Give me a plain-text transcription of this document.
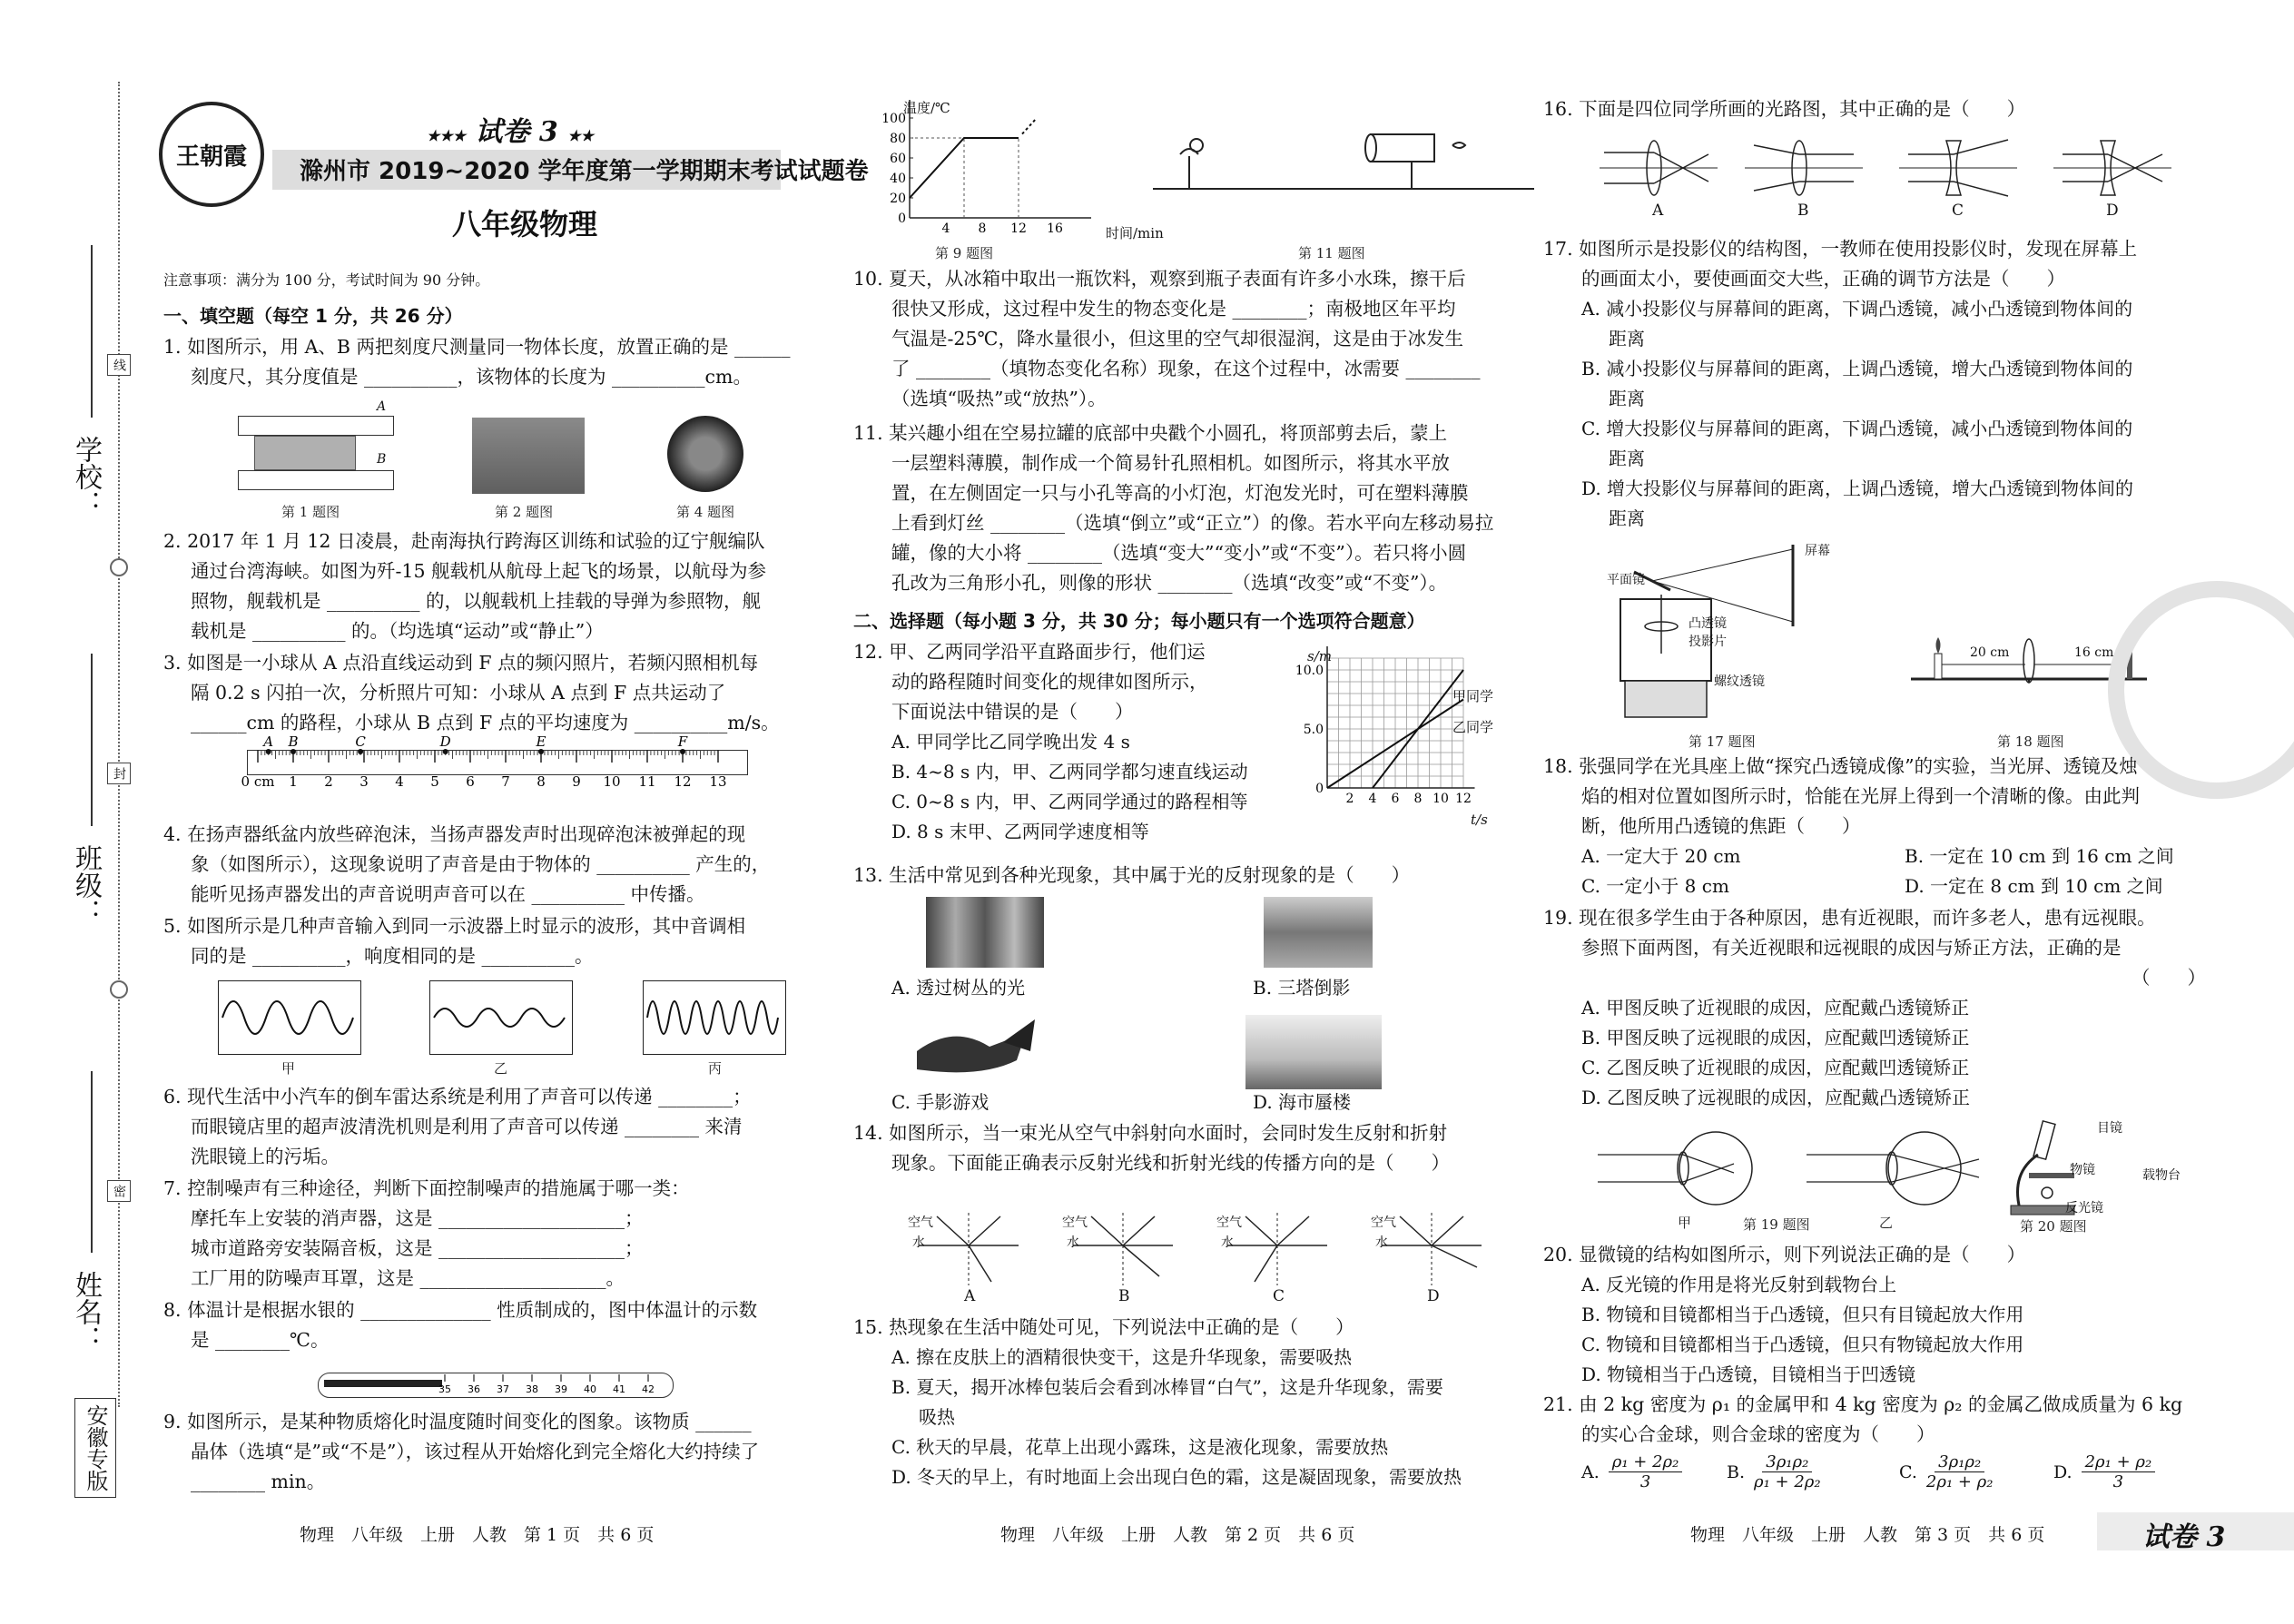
线
封
密
学校：
班级：
姓名：
安徽专版
王朝霞
★★★ 试卷 3 ★★
滁州市 2019~2020 学年度第一学期期末考试试题卷
八年级物理
注意事项：满分为 100 分，考试时间为 90 分钟。
一、填空题（每空 1 分，共 26 分）
1. 如图所示，用 A、B 两把刻度尺测量同一物体长度，放置正确的是 ______
刻度尺，其分度值是 __________，该物体的长度为 __________cm。
A
B
第 1 题图	第 2 题图	第 4 题图
2. 2017 年 1 月 12 日凌晨，赴南海执行跨海区训练和试验的辽宁舰编队
通过台湾海峡。如图为歼-15 舰载机从航母上起飞的场景，以航母为参
照物，舰载机是 __________ 的，以舰载机上挂载的导弹为参照物，舰
载机是 __________ 的。（均选填“运动”或“静止”）
3. 如图是一小球从 A 点沿直线运动到 F 点的频闪照片，若频闪照相机每
隔 0.2 s 闪拍一次，分析照片可知：小球从 A 点到 F 点共运动了
______cm 的路程，小球从 B 点到 F 点的平均速度为 __________m/s。
0 cm 1 2 3 4 5 6 7 8 9 10 11 12 13
A B	C	D	E	F
4. 在扬声器纸盆内放些碎泡沫，当扬声器发声时出现碎泡沫被弹起的现
象（如图所示），这现象说明了声音是由于物体的 __________ 产生的，
能听见扬声器发出的声音说明声音可以在 __________ 中传播。
5. 如图所示是几种声音输入到同一示波器上时显示的波形，其中音调相
同的是 __________，响度相同的是 __________。
甲	乙	丙
6. 现代生活中小汽车的倒车雷达系统是利用了声音可以传递 ________；
而眼镜店里的超声波清洗机则是利用了声音可以传递 ________ 来清
洗眼镜上的污垢。
7. 控制噪声有三种途径，判断下面控制噪声的措施属于哪一类：
摩托车上安装的消声器，这是 ____________________；
城市道路旁安装隔音板，这是 ____________________；
工厂用的防噪声耳罩，这是 ____________________。
8. 体温计是根据水银的 ______________ 性质制成的，图中体温计的示数
是 ________℃。
35 36 37 38 39 40 41 42
9. 如图所示，是某种物质熔化时温度随时间变化的图象。该物质 ______
晶体（选填“是”或“不是”），该过程从开始熔化到完全熔化大约持续了
________ min。
物理　八年级　上册　人教　第 1 页　共 6 页
100
80
60
40
20
0
4 8 12 16
温度/℃
时间/min
第 9 题图	第 11 题图
10. 夏天，从冰箱中取出一瓶饮料，观察到瓶子表面有许多小水珠，擦干后
很快又形成，这过程中发生的物态变化是 ________；南极地区年平均
气温是-25℃，降水量很小，但这里的空气却很湿润，这是由于冰发生
了 ________（填物态变化名称）现象，在这个过程中，冰需要 ________
（选填“吸热”或“放热”）。
11. 某兴趣小组在空易拉罐的底部中央戳个小圆孔，将顶部剪去后，蒙上
一层塑料薄膜，制作成一个简易针孔照相机。如图所示，将其水平放
置，在左侧固定一只与小孔等高的小灯泡，灯泡发光时，可在塑料薄膜
上看到灯丝 ________（选填“倒立”或“正立”）的像。若水平向左移动易拉
罐，像的大小将 ________（选填“变大”“变小”或“不变”）。若只将小圆
孔改为三角形小孔，则像的形状 ________（选填“改变”或“不变”）。
二、选择题（每小题 3 分，共 30 分；每小题只有一个选项符合题意）
12. 甲、乙两同学沿平直路面步行，他们运
动的路程随时间变化的规律如图所示，
下面说法中错误的是（　　）
A. 甲同学比乙同学晚出发 4 s
B. 4~8 s 内，甲、乙两同学都匀速直线运动
C. 0~8 s 内，甲、乙两同学通过的路程相等
D. 8 s 末甲、乙两同学速度相等
10.0
5.0
0
2 4 6 8 10 12
s/m
t/s
甲同学
乙同学
13. 生活中常见到各种光现象，其中属于光的反射现象的是（　　）
A. 透过树丛的光	B. 三塔倒影
C. 手影游戏	D. 海市蜃楼
14. 如图所示，当一束光从空气中斜射向水面时，会同时发生反射和折射
现象。下面能正确表示反射光线和折射光线的传播方向的是（　　）
空气
水
空气
水
空气
水
空气
水
A	B	C	D
15. 热现象在生活中随处可见，下列说法中正确的是（　　）
A. 擦在皮肤上的酒精很快变干，这是升华现象，需要吸热
B. 夏天，揭开冰棒包装后会看到冰棒冒“白气”，这是升华现象，需要
吸热
C. 秋天的早晨，花草上出现小露珠，这是液化现象，需要放热
D. 冬天的早上，有时地面上会出现白色的霜，这是凝固现象，需要放热
物理　八年级　上册　人教　第 2 页　共 6 页
16. 下面是四位同学所画的光路图，其中正确的是（　　）
A	B	C	D
17. 如图所示是投影仪的结构图，一教师在使用投影仪时，发现在屏幕上
的画面太小，要使画面交大些，正确的调节方法是（　　）
A. 减小投影仪与屏幕间的距离，下调凸透镜，减小凸透镜到物体间的
距离
B. 减小投影仪与屏幕间的距离，上调凸透镜，增大凸透镜到物体间的
距离
C. 增大投影仪与屏幕间的距离，下调凸透镜，减小凸透镜到物体间的
距离
D. 增大投影仪与屏幕间的距离，上调凸透镜，增大凸透镜到物体间的
距离
屏幕
平面镜
凸透镜
投影片
螺纹透镜
第 17 题图
20 cm	16 cm
第 18 题图
18. 张强同学在光具座上做“探究凸透镜成像”的实验，当光屏、透镜及烛
焰的相对位置如图所示时，恰能在光屏上得到一个清晰的像。由此判
断，他所用凸透镜的焦距（　　）
A. 一定大于 20 cm	B. 一定在 10 cm 到 16 cm 之间
C. 一定小于 8 cm	D. 一定在 8 cm 到 10 cm 之间
19. 现在很多学生由于各种原因，患有近视眼，而许多老人，患有远视眼。
参照下面两图，有关近视眼和远视眼的成因与矫正方法，正确的是
（　　）
A. 甲图反映了近视眼的成因，应配戴凸透镜矫正
B. 甲图反映了远视眼的成因，应配戴凹透镜矫正
C. 乙图反映了近视眼的成因，应配戴凹透镜矫正
D. 乙图反映了远视眼的成因，应配戴凸透镜矫正
甲	乙
第 19 题图
目镜
物镜	载物台
反光镜
第 20 题图
20. 显微镜的结构如图所示，则下列说法正确的是（　　）
A. 反光镜的作用是将光反射到载物台上
B. 物镜和目镜都相当于凸透镜，但只有目镜起放大作用
C. 物镜和目镜都相当于凸透镜，但只有物镜起放大作用
D. 物镜相当于凸透镜，目镜相当于凹透镜
21. 由 2 kg 密度为 ρ₁ 的金属甲和 4 kg 密度为 ρ₂ 的金属乙做成质量为 6 kg
的实心合金球，则合金球的密度为（　　）
A. $\frac{\text{ρ₁ + 2ρ₂}}{3}$	B. $\frac{\text{3ρ₁ρ₂}}{\text{ρ₁ + 2ρ₂}}$	C. $\frac{\text{3ρ₁ρ₂}}{\text{2ρ₁ + ρ₂}}$	D. $\frac{\text{2ρ₁ + ρ₂}}{3}$
物理　八年级　上册　人教　第 3 页　共 6 页	试卷 3
